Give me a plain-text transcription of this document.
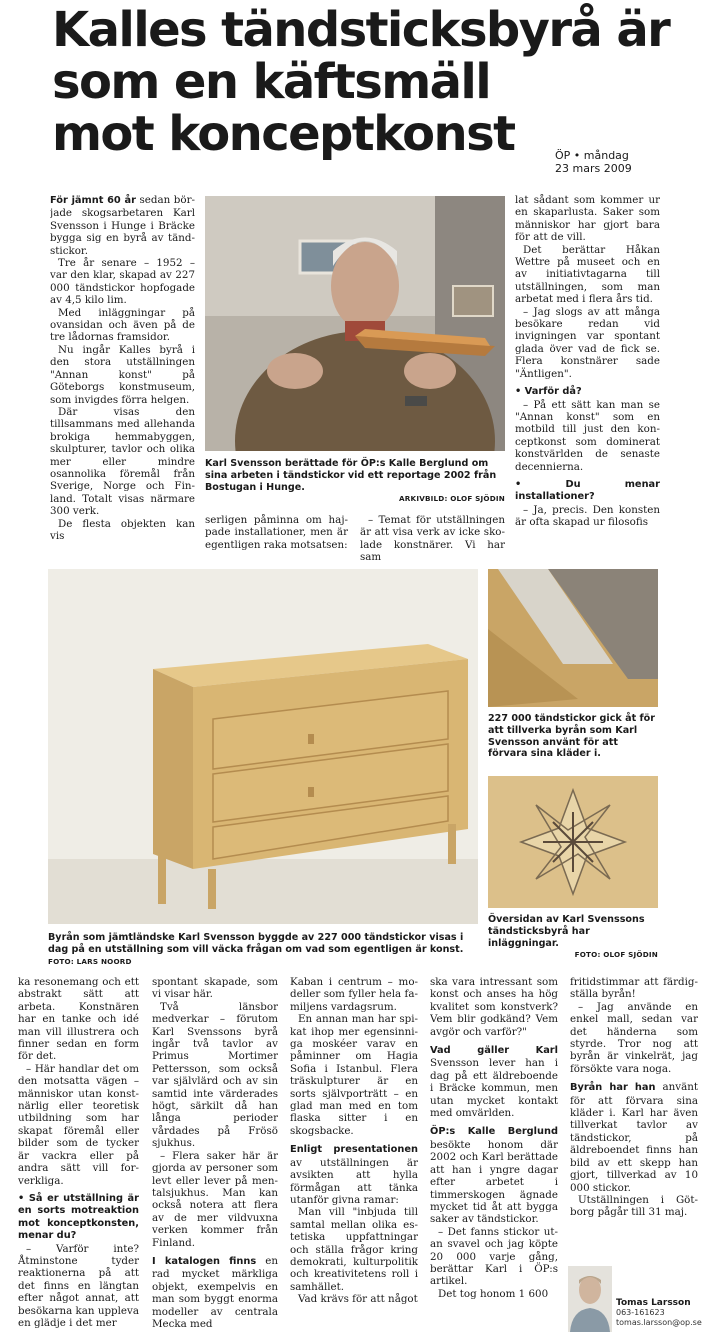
Kalles tändsticksbyrå är
som en käftsmäll
mot konceptkonst	ÖP • måndag
23 mars 2009

För jämnt 60 år sedan började skogsarbetaren Karl Svensson i Hunge i Bräcke bygga sig en byrå av tändstickor.

Tre år senare – 1952 – var den klar, skapad av 227 000 tändstickor hopfogade av 4,5 kilo lim.

Med inläggningar på ovansidan och även på de tre lådornas framsidor.

Nu ingår Kalles byrå i den stora utställningen "Annan konst" på Göteborgs konstmuseum, som invigdes förra helgen.

Där visas den tillsammans med allehanda brokiga hemmabyggen, skulpturer, tavlor och olika mer eller mindre osannolika föremål från Sverige, Norge och Finland. Totalt visas närmare 300 verk.

De flesta objekten kan vis

Karl Svensson berättade för ÖP:s Kalle Berglund om sina arbeten i tändstickor vid ett reportage 2002 från Bostugan i Hunge.
ARKIVBILD: OLOF SJÖDIN

serligen påminna om hajpade installationer, men är egentligen raka motsatsen:

– Temat för utställningen är att visa verk av icke skolade konstnärer. Vi har sam

lat sådant som kommer ur en skaparlusta. Saker som människor har gjort bara för att de vill.

Det berättar Håkan Wettre på museet och en av initiativtagarna till utställningen, som man arbetat med i flera års tid.

– Jag slogs av att många besökare redan vid invigningen var spontant glada över vad de fick se. Flera konstnärer sade "Äntligen".

• Varför då?

– På ett sätt kan man se "Annan konst" som en motbild till just den konceptkonst som dominerat konstvärlden de senaste decennierna.

• Du menar installationer?

– Ja, precis. Den konsten är ofta skapad ur filosofis

Byrån som jämtländske Karl Svensson byggde av 227 000 tändstickor visas i dag på en utställning som vill väcka frågan om vad som egentligen är konst. FOTO: LARS NOORD
227 000 tändstickor gick åt för att tillverka byrån som Karl Svensson använt för att förvara sina kläder i.
Översidan av Karl Svenssons tändsticksbyrå har inläggningar.
FOTO: OLOF SJÖDIN

ka resonemang och ett abstrakt sätt att arbeta. Konstnären har en tanke och idé man vill illustrera och finner sedan en form för det.

– Här handlar det om den motsatta vägen – människor utan konstnärlig eller teoretisk utbildning som har skapat föremål eller bilder som de tycker är vackra eller på andra sätt vill forverkliga.

• Så er utställning är en sorts motreaktion mot konceptkonsten, menar du?

– Varför inte? Åtminstone tyder reaktionerna på att det finns en längtan efter något annat, att besökarna kan uppleva en glädje i det mer

spontant skapade, som vi visar här.

Två länsbor medverkar – förutom Karl Svenssons byrå ingår två tavlor av Primus Mortimer Pettersson, som också var självlärd och av sin samtid inte värderades högt, särkilt då han långa perioder vårdades på Frösö sjukhus.

– Flera saker här är gjorda av personer som levt eller lever på mentalsjukhus. Man kan också notera att flera av de mer vildvuxna verken kommer från Finland.

I katalogen finns en rad mycket märkliga objekt, exempelvis en man som byggt enorma modeller av centrala Mecka med

Kaban i centrum – modeller som fyller hela familjens vardagsrum.

En annan man har spikat ihop mer egensinniga moskéer varav en påminner om Hagia Sofia i Istanbul. Flera träskulpturer är en sorts självporträtt – en glad man med en tom flaska sitter i en skogsbacke.

Enligt presentationen av utställningen är avsikten att hylla förmågan att tänka utanför givna ramar:

Man vill "inbjuda till samtal mellan olika estetiska uppfattningar och ställa frågor kring demokrati, kulturpolitik och kreativitetens roll i samhället.

Vad krävs för att något

ska vara intressant som konst och anses ha hög kvalitet som konstverk? Vem blir godkänd? Vem avgör och varför?"

Vad gäller Karl Svensson lever han i dag på ett äldreboende i Bräcke kommun, men utan mycket kontakt med omvärlden.

ÖP:s Kalle Berglund besökte honom där 2002 och Karl berättade att han i yngre dagar efter arbetet i timmerskogen ägnade mycket tid åt att bygga saker av tändstickor.

– Det fanns stickor utan svavel och jag köpte 20 000 varje gång, berättar Karl i ÖP:s artikel.

Det tog honom 1 600

fritidstimmar att färdigställa byrån!

– Jag använde en enkel mall, sedan var det händerna som styrde. Tror nog att byrån är vinkelrät, jag försökte vara noga.

Byrån har han använt för att förvara sina kläder i. Karl har även tillverkat tavlor av tändstickor, på äldreboendet finns han bild av ett skepp han gjort, tillverkad av 10 000 stickor.

Utställningen i Götborg pågår till 31 maj.

Tomas Larsson
063-161623
tomas.larsson@op.se
